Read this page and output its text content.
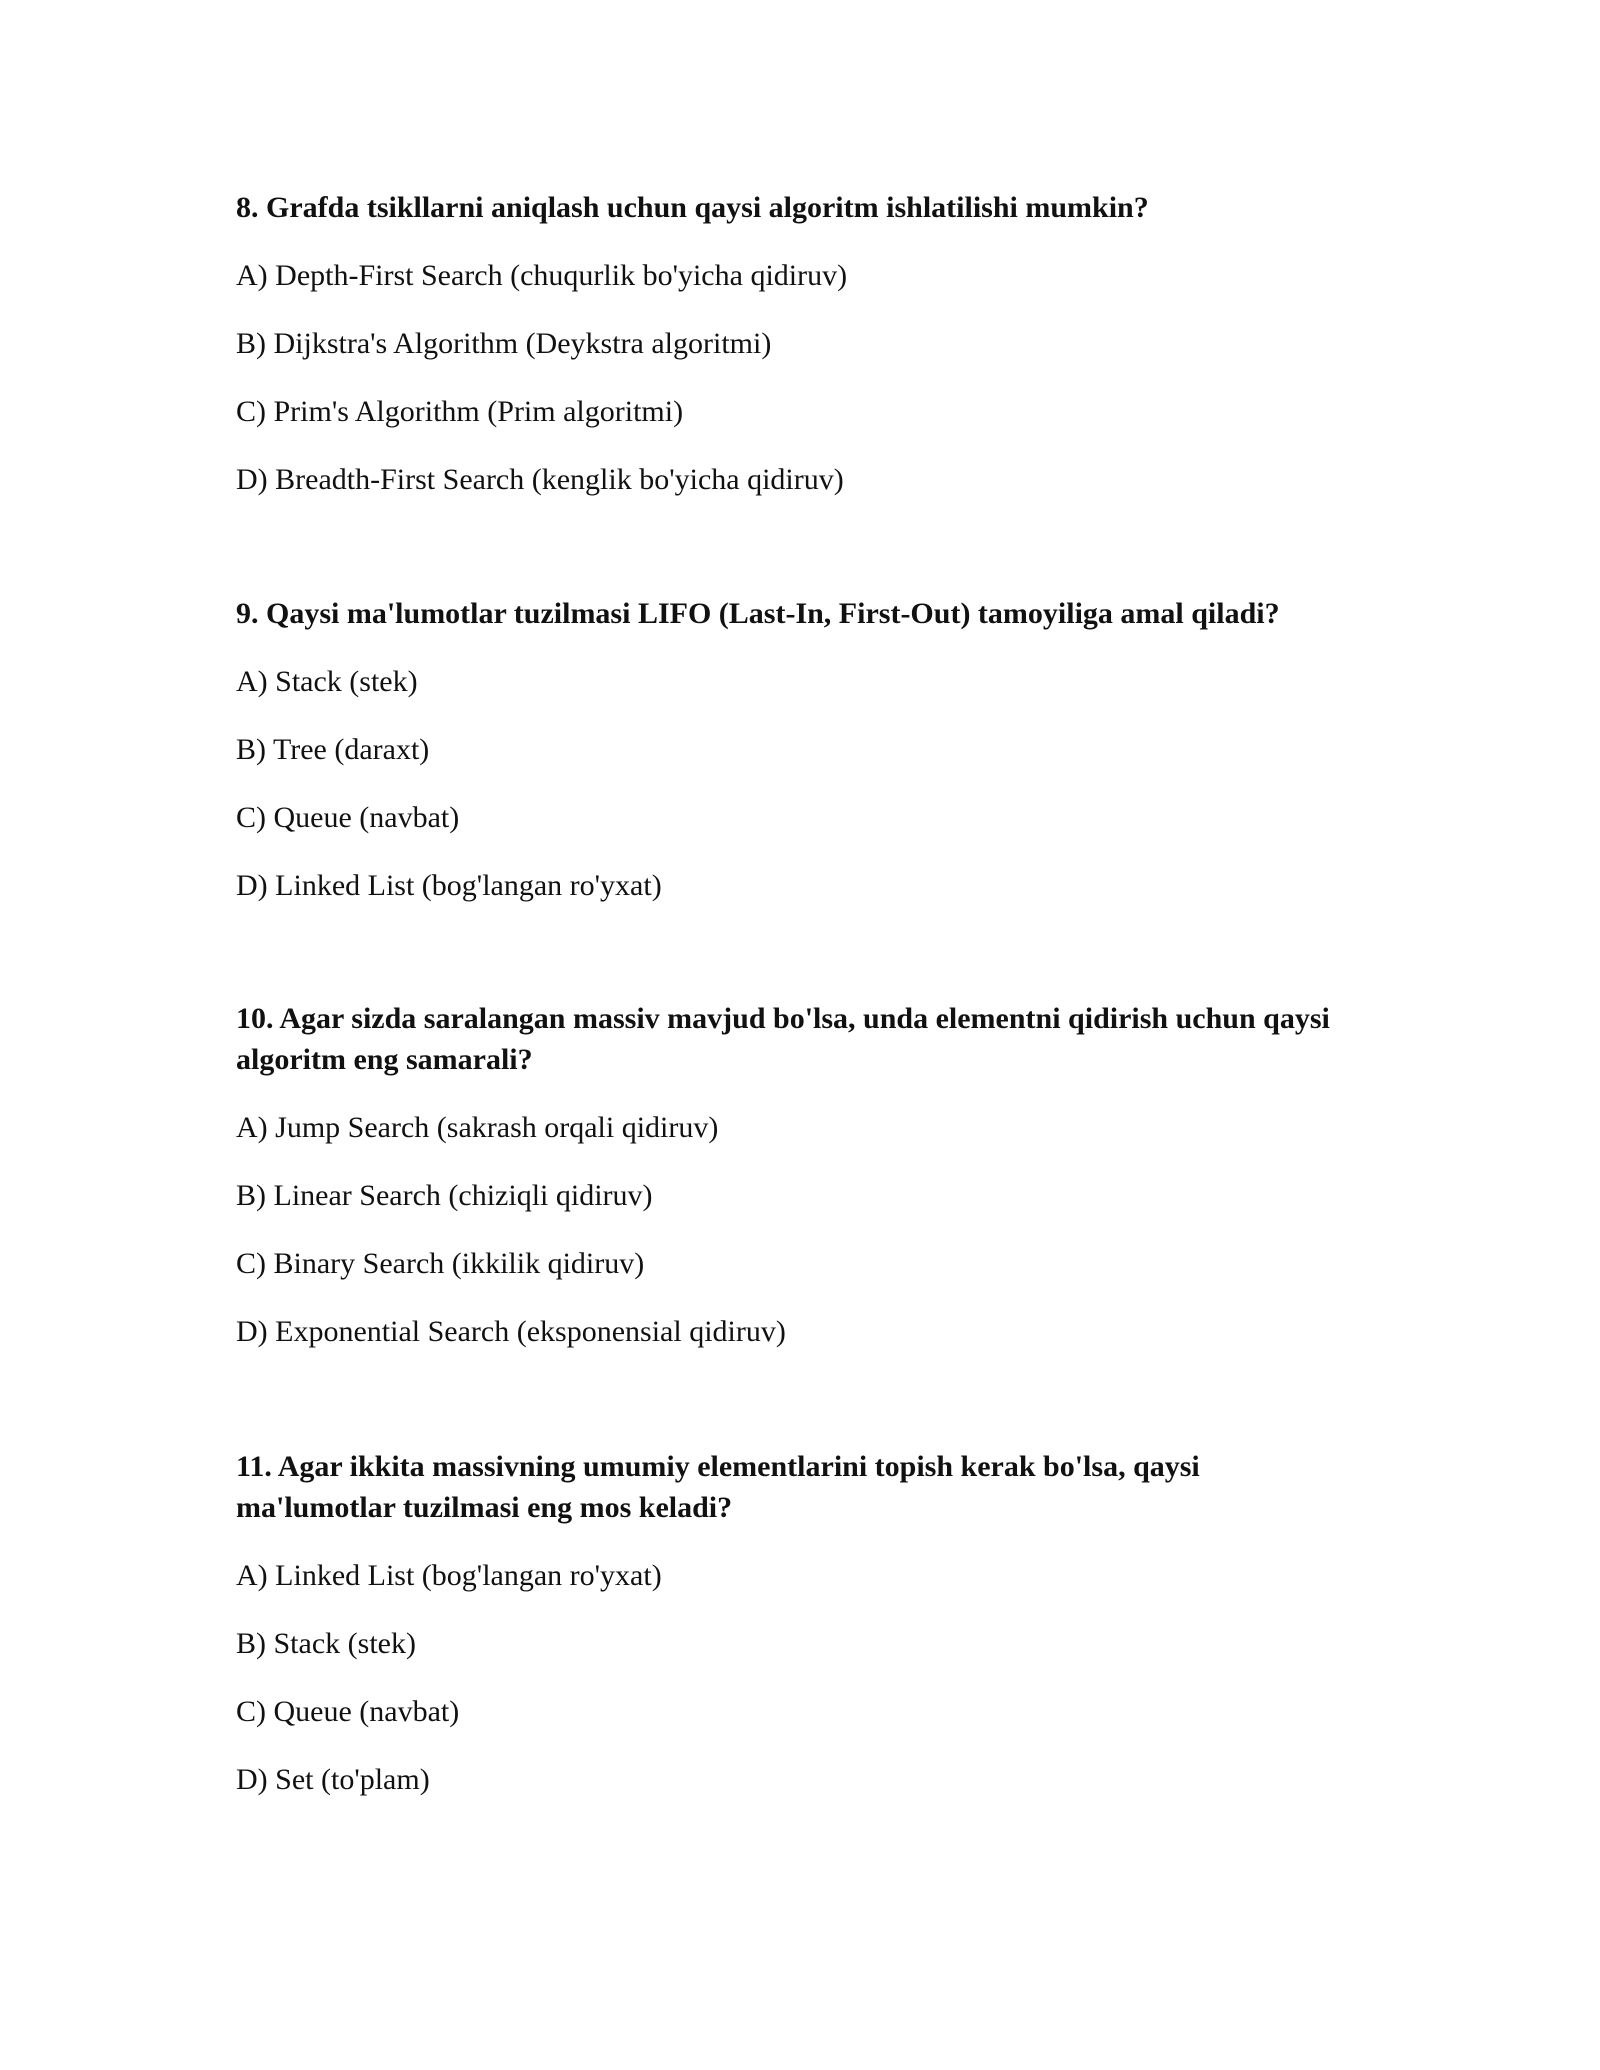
8. Grafda tsikllarni aniqlash uchun qaysi algoritm ishlatilishi mumkin?

A) Depth-First Search (chuqurlik bo'yicha qidiruv)
B) Dijkstra's Algorithm (Deykstra algoritmi)
C) Prim's Algorithm (Prim algoritmi)
D) Breadth-First Search (kenglik bo'yicha qidiruv)

9. Qaysi ma'lumotlar tuzilmasi LIFO (Last-In, First-Out) tamoyiliga amal qiladi?

A) Stack (stek)
B) Tree (daraxt)
C) Queue (navbat)
D) Linked List (bog'langan ro'yxat)

10. Agar sizda saralangan massiv mavjud bo'lsa, unda elementni qidirish uchun qaysi algoritm eng samarali?

A) Jump Search (sakrash orqali qidiruv)
B) Linear Search (chiziqli qidiruv)
C) Binary Search (ikkilik qidiruv)
D) Exponential Search (eksponensial qidiruv)

11. Agar ikkita massivning umumiy elementlarini topish kerak bo'lsa, qaysi ma'lumotlar tuzilmasi eng mos keladi?

A) Linked List (bog'langan ro'yxat)
B) Stack (stek)
C) Queue (navbat)
D) Set (to'plam)
